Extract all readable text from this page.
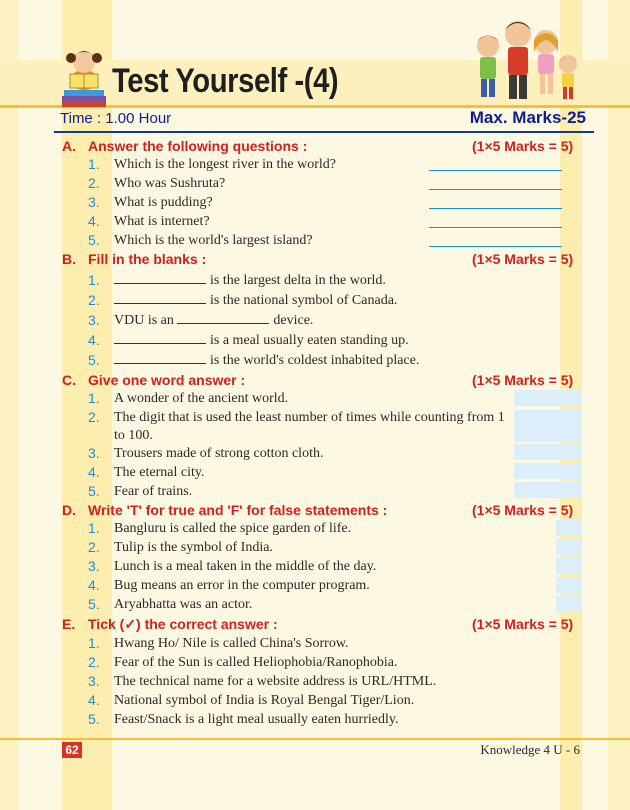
Test Yourself -(4)
Time : 1.00 Hour	Max. Marks-25
A. Answer the following questions :	(1×5 Marks = 5)
1. Which is the longest river in the world?
2. Who was Sushruta?
3. What is pudding?
4. What is internet?
5. Which is the world's largest island?
B. Fill in the blanks :	(1×5 Marks = 5)
1.	is the largest delta in the world.
2.	is the national symbol of Canada.
3. VDU is an	device.
4.	is a meal usually eaten standing up.
5.	is the world's coldest inhabited place.
C. Give one word answer :	(1×5 Marks = 5)
1. A wonder of the ancient world.
2. The digit that is used the least number of times while counting from 1 to 100.
3. Trousers made of strong cotton cloth.
4. The eternal city.
5. Fear of trains.
D. Write 'T' for true and 'F' for false statements :	(1×5 Marks = 5)
1. Bangluru is called the spice garden of life.
2. Tulip is the symbol of India.
3. Lunch is a meal taken in the middle of the day.
4. Bug means an error in the computer program.
5. Aryabhatta was an actor.
E. Tick (✓) the correct answer :	(1×5 Marks = 5)
1. Hwang Ho/ Nile is called China's Sorrow.
2. Fear of the Sun is called Heliophobia/Ranophobia.
3. The technical name for a website address is URL/HTML.
4. National symbol of India is Royal Bengal Tiger/Lion.
5. Feast/Snack is a light meal usually eaten hurriedly.
62	Knowledge 4 U - 6
